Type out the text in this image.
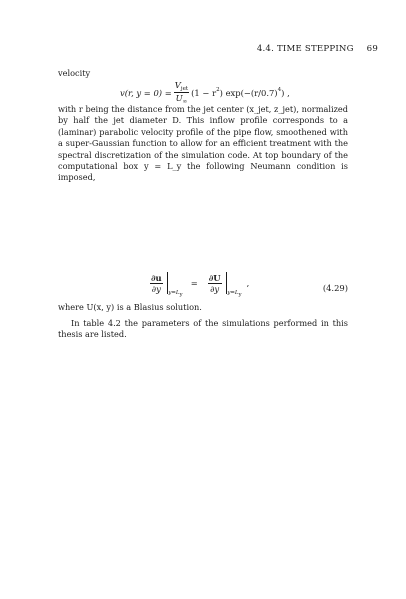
4.4. TIME STEPPING 69
velocity
v(r, $y = 0) = \frac{V_{jet}}{U_\infty} (1 - r$ 2 ) exp(−(r/0.7) 4 ) ,
with r being the distance from the jet center (x_jet, z_jet), normalized by half the jet diameter D. This inflow profile corresponds to a (laminar) parabolic velocity profile of the pipe flow, smoothened with a super-Gaussian function to allow for an efficient treatment with the spectral discretization of the simulation code. At top boundary of the computational box y = L_y the following Neumann condition is imposed,
$\frac{\partial u}{\partial y} y=Ly$
= $\frac{\partial U}{\partial y} y=Ly$
,	(4.29)
where U(x, y) is a Blasius solution.
In table 4.2 the parameters of the simulations performed in this thesis are listed.
